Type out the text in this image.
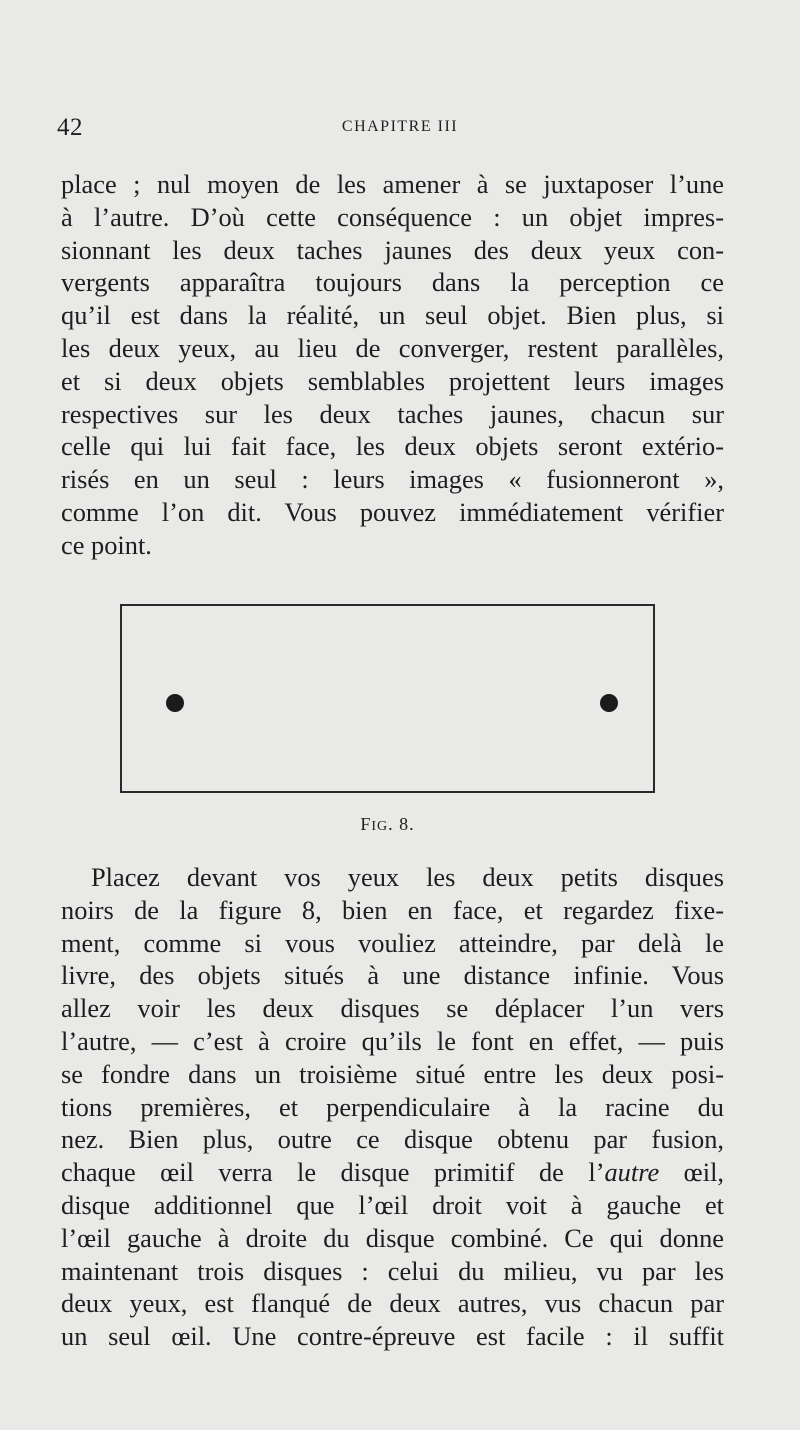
42	CHAPITRE III

place ; nul moyen de les amener à se juxtaposer l’une
à l’autre. D’où cette conséquence : un objet impres-
sionnant les deux taches jaunes des deux yeux con-
vergents apparaîtra toujours dans la perception ce
qu’il est dans la réalité, un seul objet. Bien plus, si
les deux yeux, au lieu de converger, restent parallèles,
et si deux objets semblables projettent leurs images
respectives sur les deux taches jaunes, chacun sur
celle qui lui fait face, les deux objets seront extério-
risés en un seul : leurs images « fusionneront »,
comme l’on dit. Vous pouvez immédiatement vérifier
ce point.

FIG. 8.

Placez devant vos yeux les deux petits disques
noirs de la figure 8, bien en face, et regardez fixe-
ment, comme si vous vouliez atteindre, par delà le
livre, des objets situés à une distance infinie. Vous
allez voir les deux disques se déplacer l’un vers
l’autre, — c’est à croire qu’ils le font en effet, — puis
se fondre dans un troisième situé entre les deux posi-
tions premières, et perpendiculaire à la racine du
nez. Bien plus, outre ce disque obtenu par fusion,
chaque œil verra le disque primitif de l’autre œil,
disque additionnel que l’œil droit voit à gauche et
l’œil gauche à droite du disque combiné. Ce qui donne
maintenant trois disques : celui du milieu, vu par les
deux yeux, est flanqué de deux autres, vus chacun par
un seul œil. Une contre-épreuve est facile : il suffit
